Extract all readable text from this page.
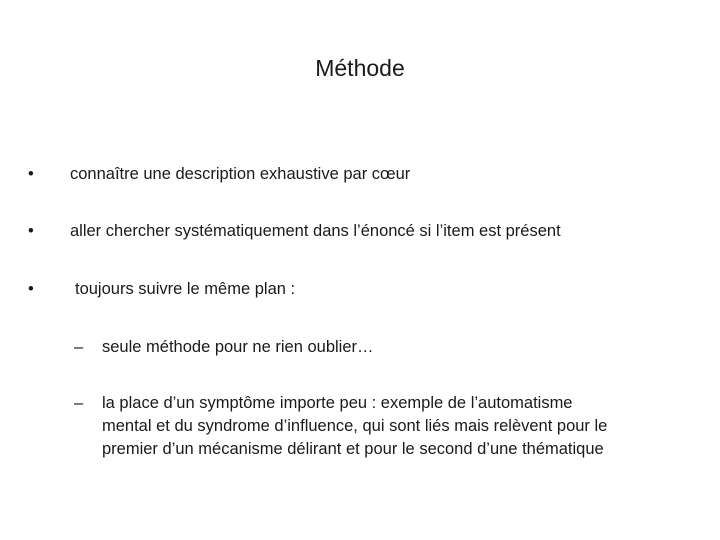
Méthode
• connaître une description exhaustive par cœur
• aller chercher systématiquement dans l’énoncé si l’item est présent
• toujours suivre le même plan :
– seule méthode pour ne rien oublier…
– la place d’un symptôme importe peu : exemple de l’automatisme
mental et du syndrome d’influence, qui sont liés mais relèvent pour le
premier d’un mécanisme délirant et pour le second d’une thématique
